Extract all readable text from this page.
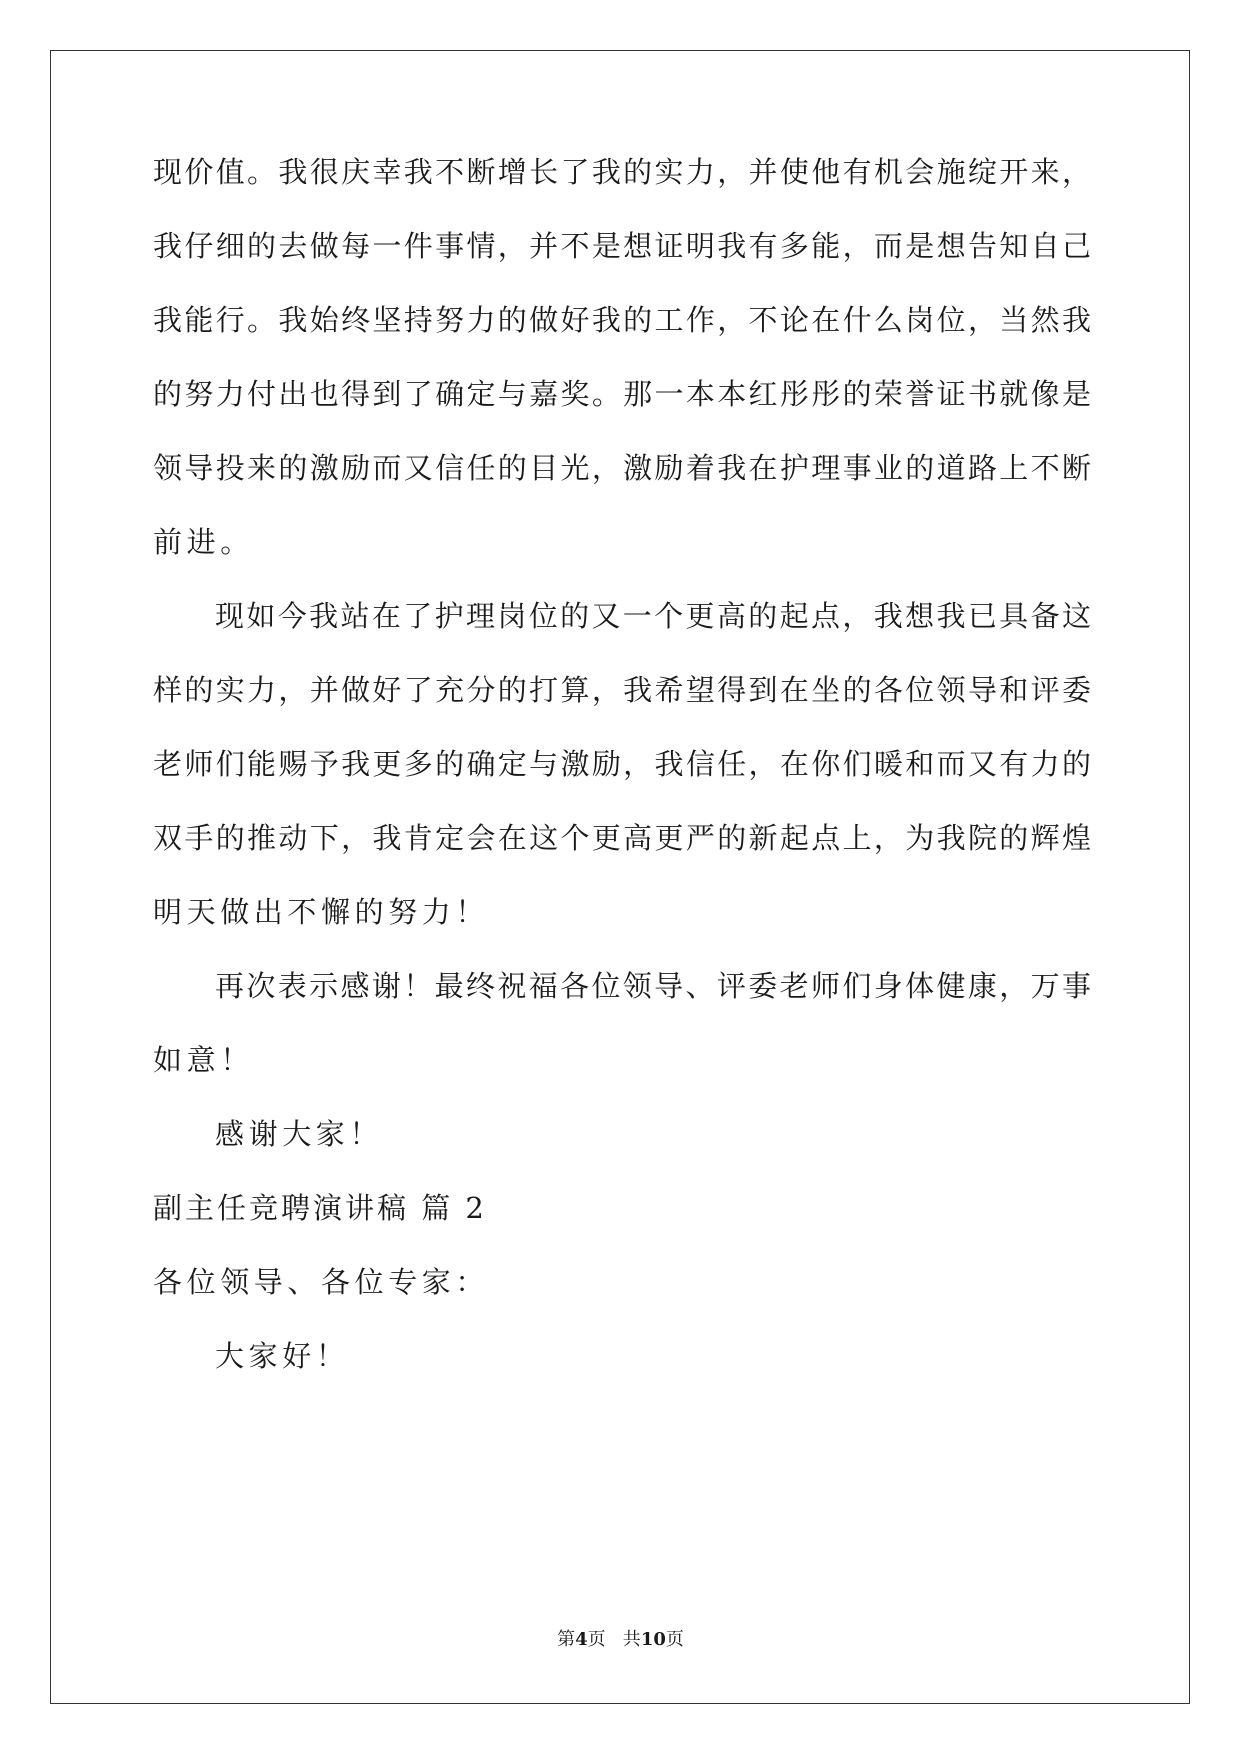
现价值。我很庆幸我不断增长了我的实力，并使他有机会施绽开来，
我仔细的去做每一件事情，并不是想证明我有多能，而是想告知自己
我能行。我始终坚持努力的做好我的工作，不论在什么岗位，当然我
的努力付出也得到了确定与嘉奖。那一本本红彤彤的荣誉证书就像是
领导投来的激励而又信任的目光，激励着我在护理事业的道路上不断
前进。
现如今我站在了护理岗位的又一个更高的起点，我想我已具备这
样的实力，并做好了充分的打算，我希望得到在坐的各位领导和评委
老师们能赐予我更多的确定与激励，我信任，在你们暖和而又有力的
双手的推动下，我肯定会在这个更高更严的新起点上，为我院的辉煌
明天做出不懈的努力！
再次表示感谢！最终祝福各位领导、评委老师们身体健康，万事
如意！
感谢大家！
副主任竞聘演讲稿 篇 2
各位领导、各位专家：
大家好！
第4页   共10页
